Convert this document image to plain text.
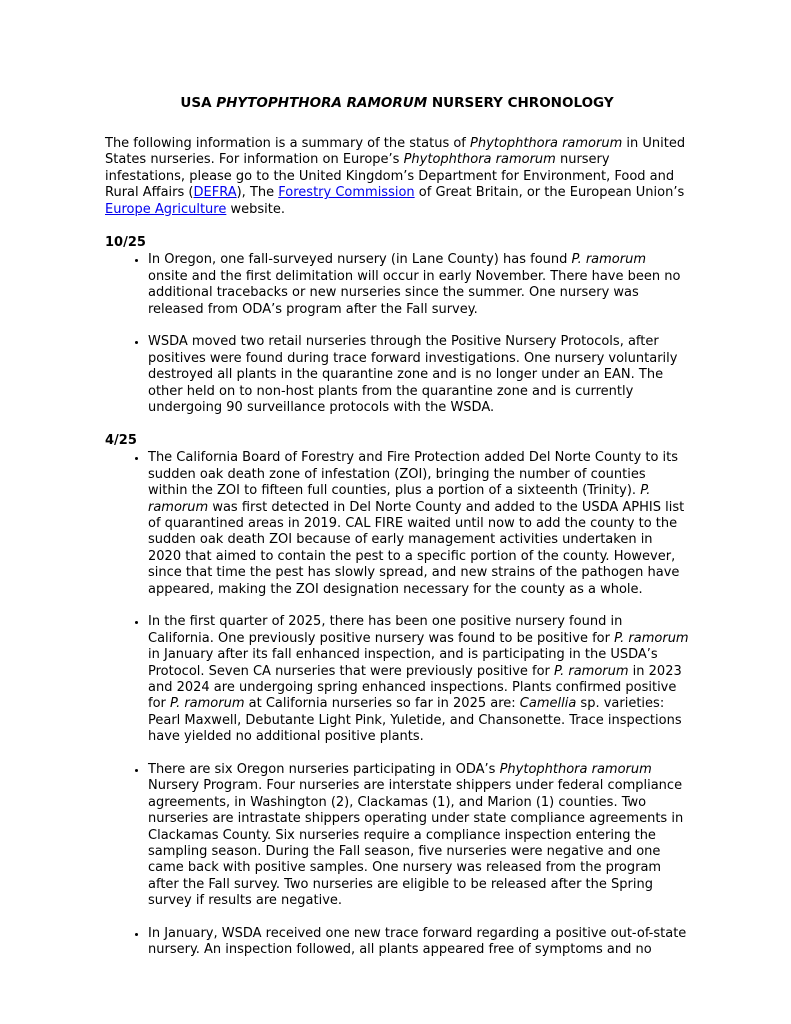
USA PHYTOPHTHORA RAMORUM NURSERY CHRONOLOGY

The following information is a summary of the status of Phytophthora ramorum in United States nurseries. For information on Europe’s Phytophthora ramorum nursery infestations, please go to the United Kingdom’s Department for Environment, Food and Rural Affairs (DEFRA), The Forestry Commission of Great Britain, or the European Union’s Europe Agriculture website.

10/25
• In Oregon, one fall-surveyed nursery (in Lane County) has found P. ramorum onsite and the first delimitation will occur in early November. There have been no additional tracebacks or new nurseries since the summer. One nursery was released from ODA’s program after the Fall survey.
• WSDA moved two retail nurseries through the Positive Nursery Protocols, after positives were found during trace forward investigations. One nursery voluntarily destroyed all plants in the quarantine zone and is no longer under an EAN. The other held on to non-host plants from the quarantine zone and is currently undergoing 90 surveillance protocols with the WSDA.
4/25
• The California Board of Forestry and Fire Protection added Del Norte County to its sudden oak death zone of infestation (ZOI), bringing the number of counties within the ZOI to fifteen full counties, plus a portion of a sixteenth (Trinity). P. ramorum was first detected in Del Norte County and added to the USDA APHIS list of quarantined areas in 2019. CAL FIRE waited until now to add the county to the sudden oak death ZOI because of early management activities undertaken in 2020 that aimed to contain the pest to a specific portion of the county. However, since that time the pest has slowly spread, and new strains of the pathogen have appeared, making the ZOI designation necessary for the county as a whole.
• In the first quarter of 2025, there has been one positive nursery found in California. One previously positive nursery was found to be positive for P. ramorum in January after its fall enhanced inspection, and is participating in the USDA’s Protocol. Seven CA nurseries that were previously positive for P. ramorum in 2023 and 2024 are undergoing spring enhanced inspections. Plants confirmed positive for P. ramorum at California nurseries so far in 2025 are: Camellia sp. varieties: Pearl Maxwell, Debutante Light Pink, Yuletide, and Chansonette. Trace inspections have yielded no additional positive plants.
• There are six Oregon nurseries participating in ODA’s Phytophthora ramorum Nursery Program. Four nurseries are interstate shippers under federal compliance agreements, in Washington (2), Clackamas (1), and Marion (1) counties. Two nurseries are intrastate shippers operating under state compliance agreements in Clackamas County. Six nurseries require a compliance inspection entering the sampling season. During the Fall season, five nurseries were negative and one came back with positive samples. One nursery was released from the program after the Fall survey. Two nurseries are eligible to be released after the Spring survey if results are negative.
• In January, WSDA received one new trace forward regarding a positive out-of-state nursery. An inspection followed, all plants appeared free of symptoms and no
